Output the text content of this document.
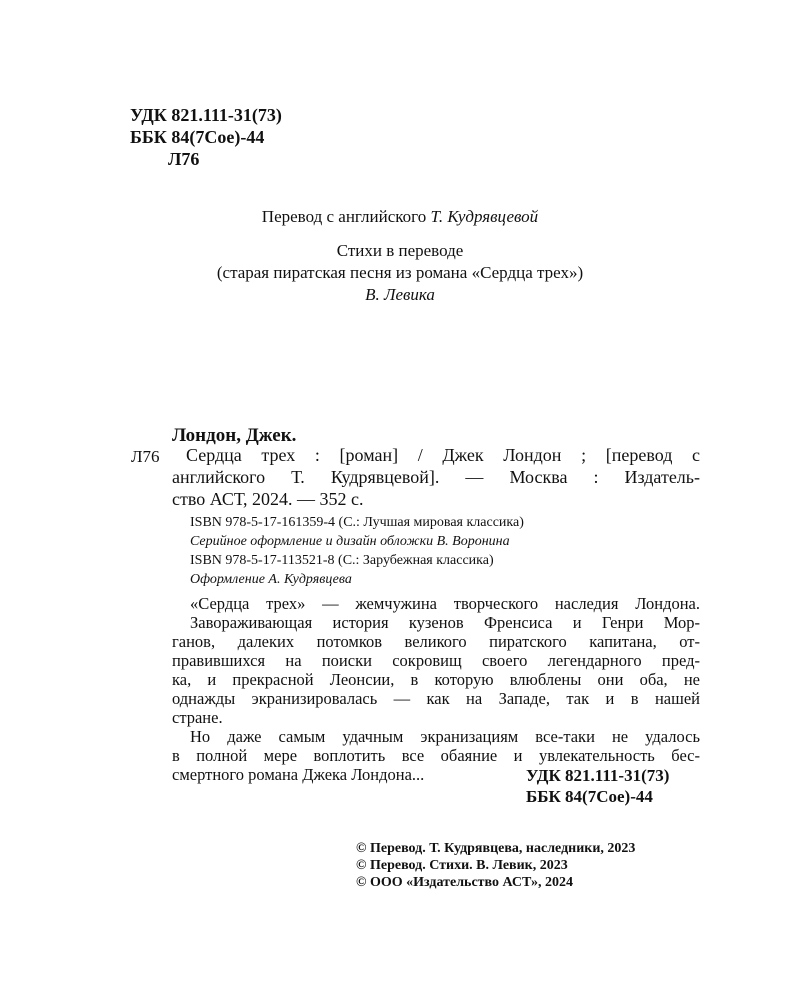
УДК 821.111-31(73)
ББК 84(7Сое)-44
Л76

Перевод с английского Т. Кудрявцевой

Стихи в переводе

(старая пиратская песня из романа «Сердца трех»)

В. Левика

Лондон, Джек.
Л76	Сердца трех : [роман] / Джек Лондон ; [перевод с
английского Т. Кудрявцевой]. — Москва : Издатель-
ство АСТ, 2024. — 352 с.
ISBN 978-5-17-161359-4 (С.: Лучшая мировая классика)
Серийное оформление и дизайн обложки В. Воронина
ISBN 978-5-17-113521-8 (С.: Зарубежная классика)
Оформление А. Кудрявцева
«Сердца трех» — жемчужина творческого наследия Лондона.
Завораживающая история кузенов Френсиса и Генри Мор-
ганов, далеких потомков великого пиратского капитана, от-
правившихся на поиски сокровищ своего легендарного пред-
ка, и прекрасной Леонсии, в которую влюблены они оба, не
однажды экранизировалась — как на Западе, так и в нашей
стране.
Но даже самым удачным экранизациям все-таки не удалось
в полной мере воплотить все обаяние и увлекательность бес-
смертного романа Джека Лондона...	УДК 821.111-31(73)
ББК 84(7Сое)-44
© Перевод. Т. Кудрявцева, наследники, 2023
© Перевод. Стихи. В. Левик, 2023
© ООО «Издательство АСТ», 2024
